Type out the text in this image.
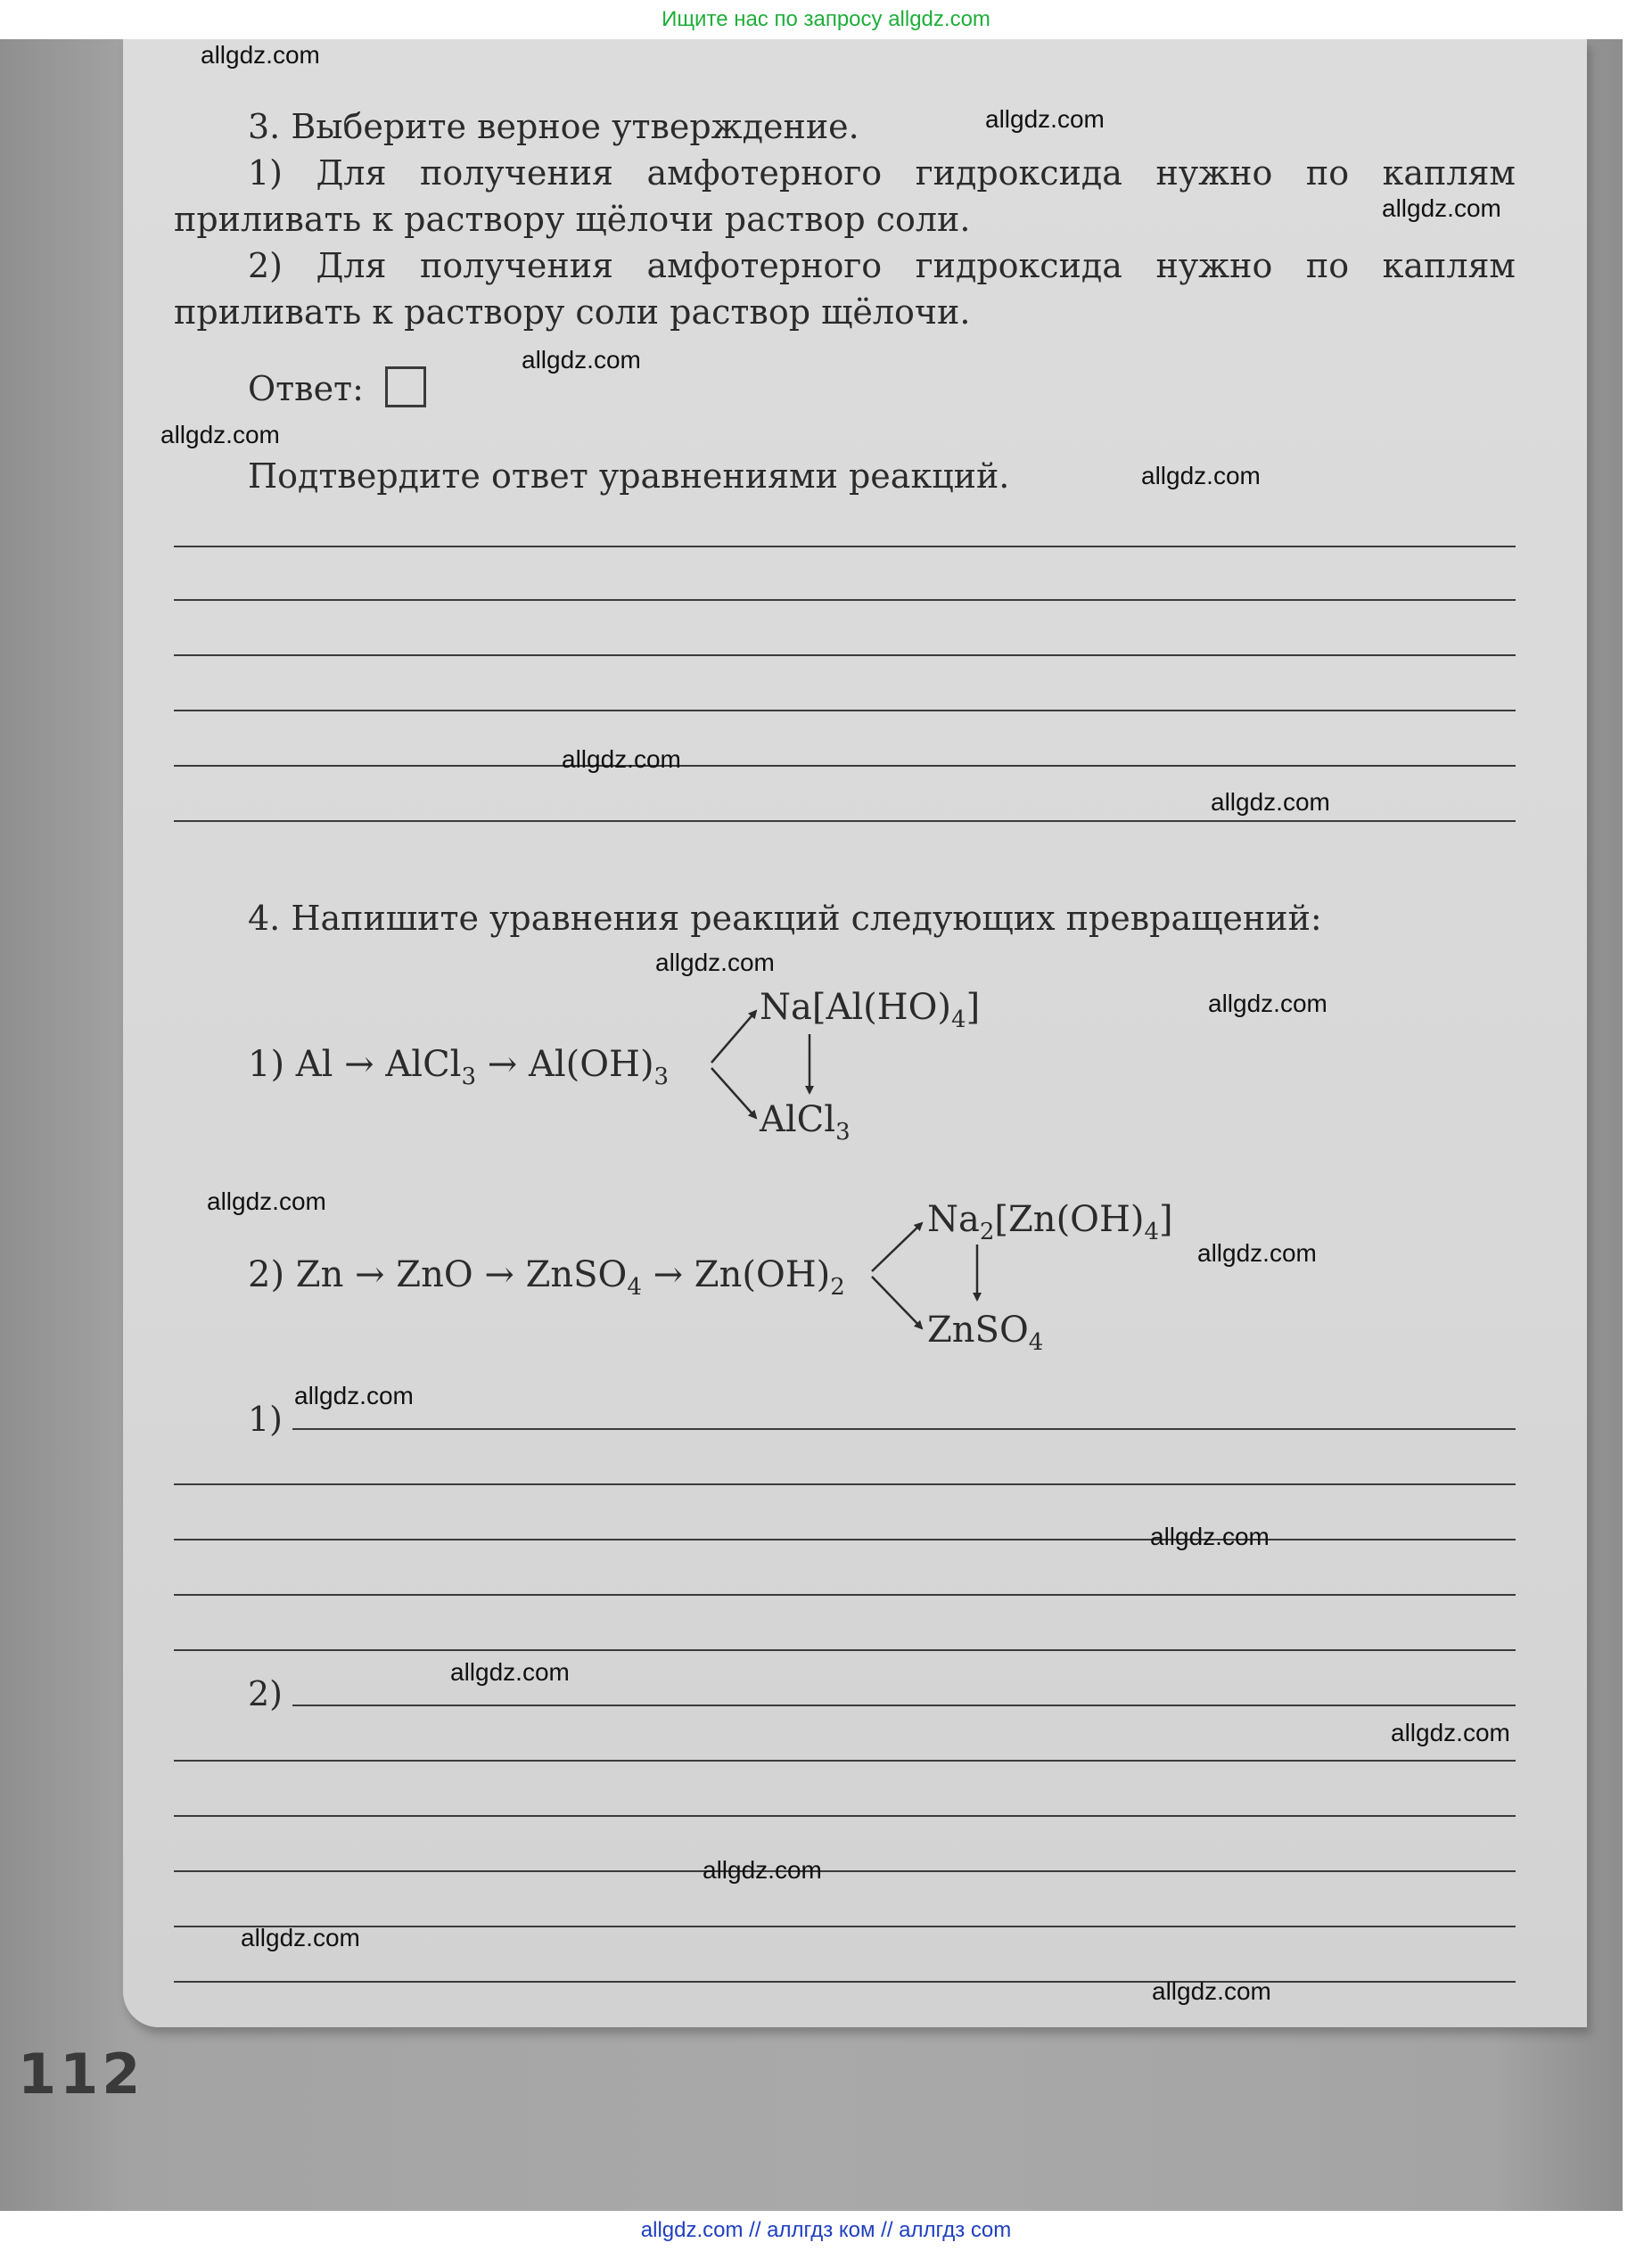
Ищите нас по запросу allgdz.com
112
3. Выберите верное утверждение.
1) Для получения амфотерного гидроксида нужно по каплям
приливать к раствору щёлочи раствор соли.
2) Для получения амфотерного гидроксида нужно по каплям
приливать к раствору соли раствор щёлочи.
Ответ:
Подтвердите ответ уравнениями реакций.
4. Напишите уравнения реакций следующих превращений:
1) Al → AlCl$_3$ → $Al(OH)_3$
$Na[Al(HO)_4]$
AlCl$_3$
2) Zn → ZnO → ZnSO$_4$ → $Zn(OH)_2$
$Na_2[Zn(OH)_4]$
ZnSO$_4$
1)
2)
allgdz.com
allgdz.com
allgdz.com
allgdz.com
allgdz.com
allgdz.com
allgdz.com
allgdz.com
allgdz.com
allgdz.com
allgdz.com
allgdz.com
allgdz.com
allgdz.com
allgdz.com
allgdz.com
allgdz.com
allgdz.com
allgdz.com
allgdz.com // аллгдз ком // аллгдз com
